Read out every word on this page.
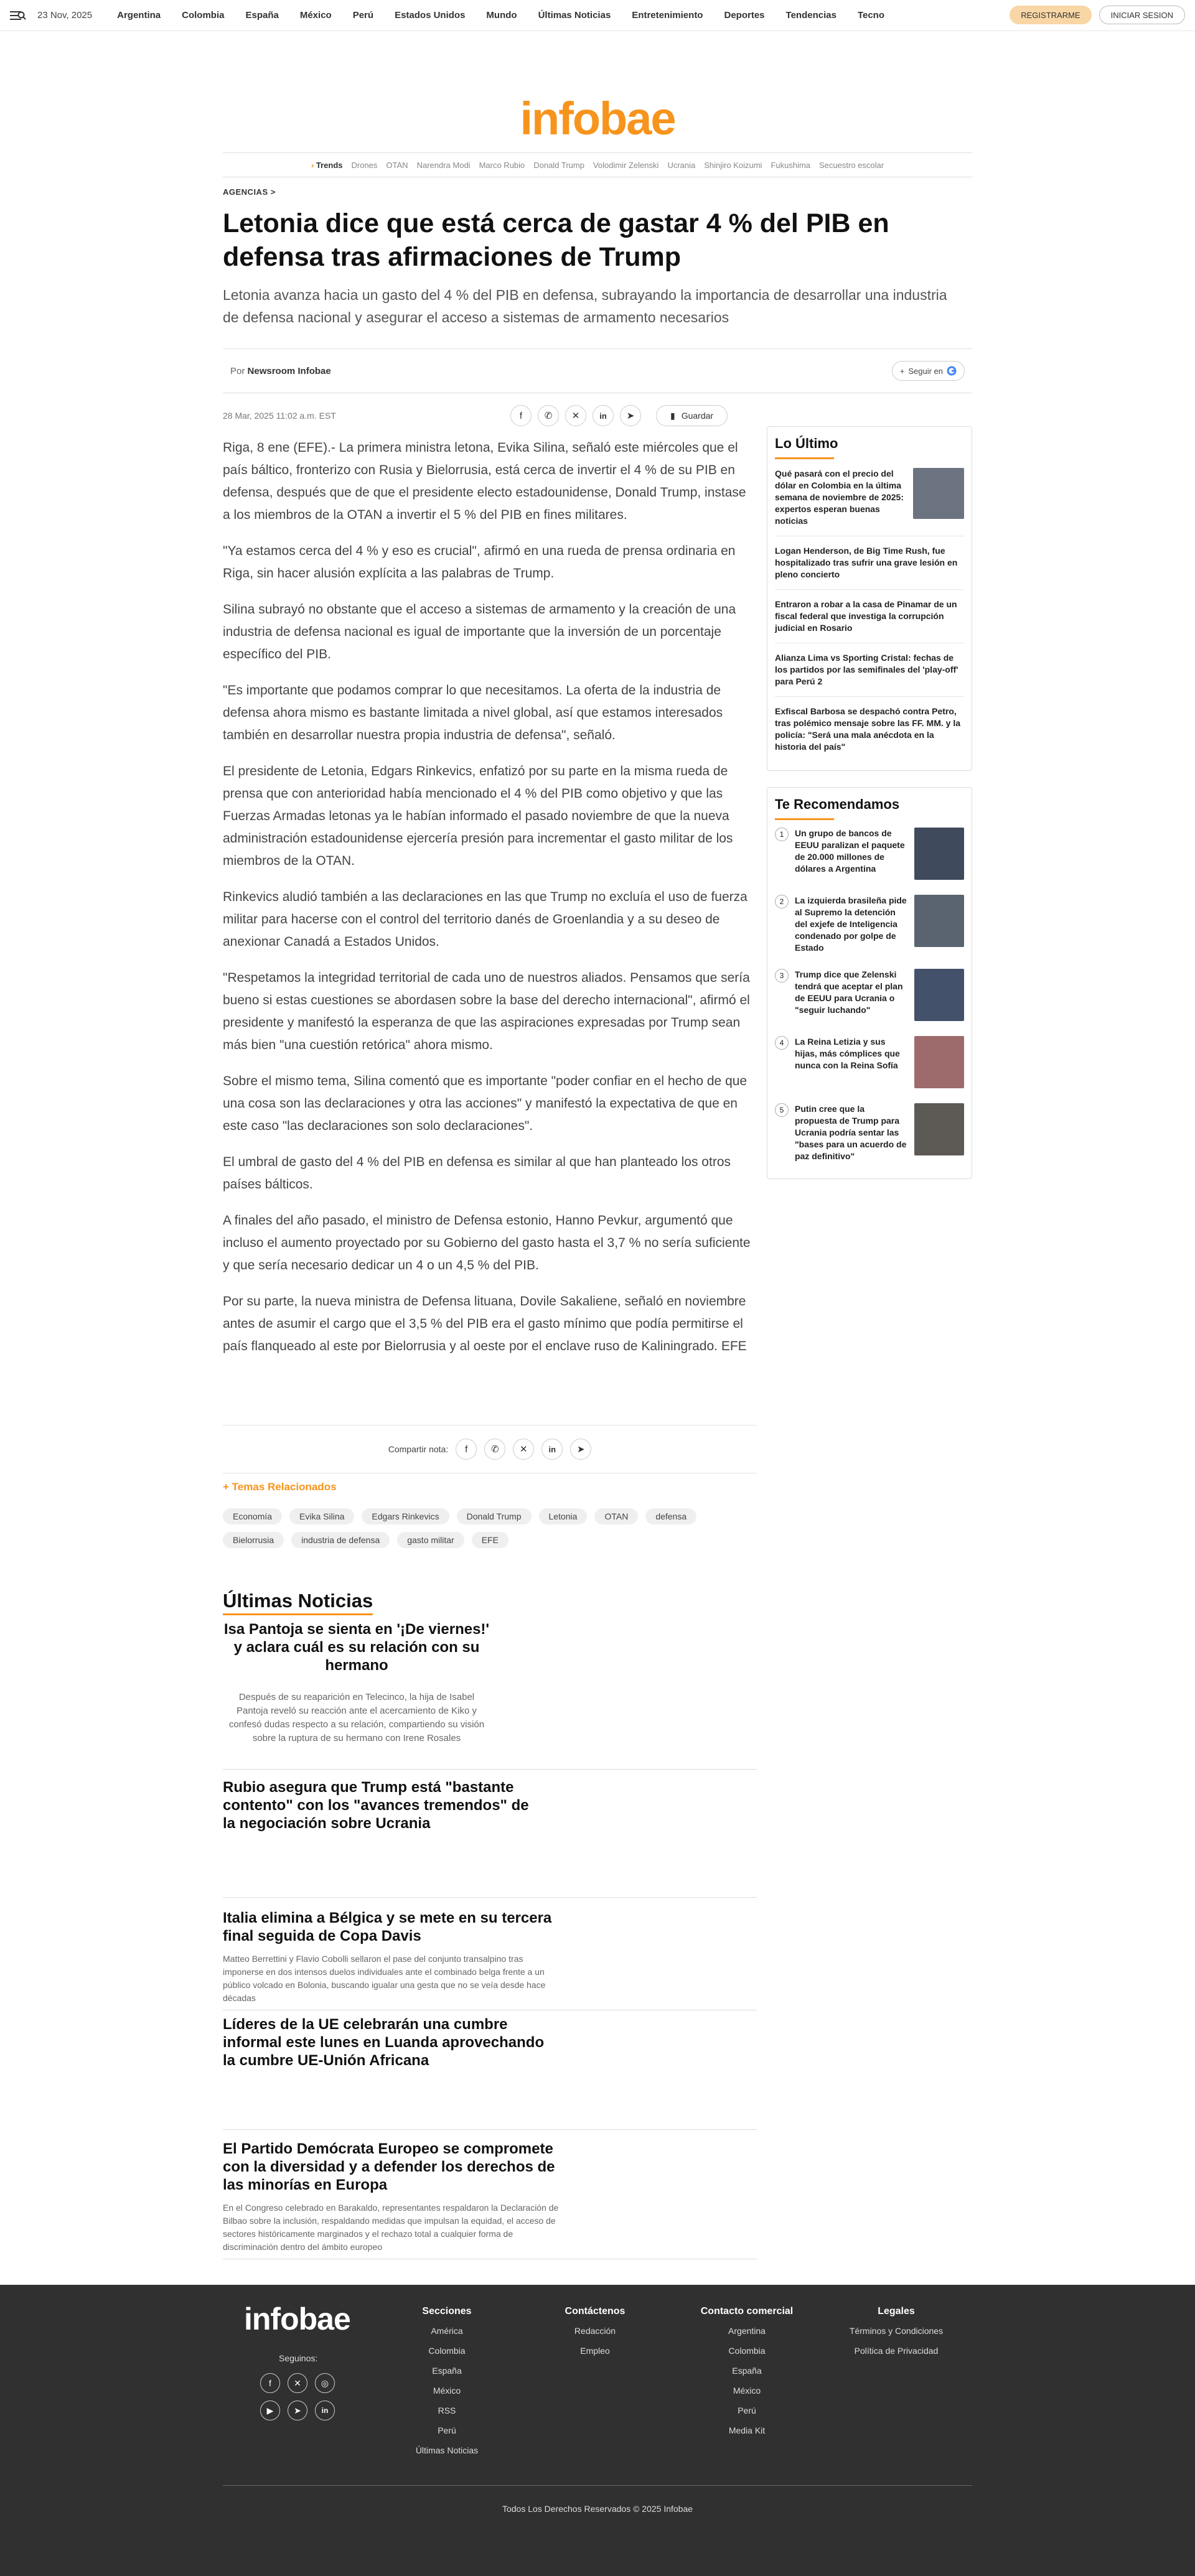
23 Nov, 2025	Argentina Colombia España México Perú Estados Unidos Mundo Últimas Noticias Entretenimiento Deportes Tendencias Tecno	REGISTRARME	INICIAR SESION
infobae
› Trends Drones OTAN Narendra Modi Marco Rubio Donald Trump Volodimir Zelenski Ucrania Shinjiro Koizumi Fukushima Secuestro escolar
AGENCIAS >
Letonia dice que está cerca de gastar 4 % del PIB en defensa tras afirmaciones de Trump

Letonia avanza hacia un gasto del 4 % del PIB en defensa, subrayando la importancia de desarrollar una industria de defensa nacional y asegurar el acceso a sistemas de armamento necesarios

Por Newsroom Infobae	+ Seguir en
28 Mar, 2025 11:02 a.m. EST	f	✆	✕	in	➤	▮ Guardar

Riga, 8 ene (EFE).- La primera ministra letona, Evika Silina, señaló este miércoles que el país báltico, fronterizo con Rusia y Bielorrusia, está cerca de invertir el 4 % de su PIB en defensa, después que de que el presidente electo estadounidense, Donald Trump, instase a los miembros de la OTAN a invertir el 5 % del PIB en fines militares.

"Ya estamos cerca del 4 % y eso es crucial", afirmó en una rueda de prensa ordinaria en Riga, sin hacer alusión explícita a las palabras de Trump.

Silina subrayó no obstante que el acceso a sistemas de armamento y la creación de una industria de defensa nacional es igual de importante que la inversión de un porcentaje específico del PIB.

"Es importante que podamos comprar lo que necesitamos. La oferta de la industria de defensa ahora mismo es bastante limitada a nivel global, así que estamos interesados también en desarrollar nuestra propia industria de defensa", señaló.

El presidente de Letonia, Edgars Rinkevics, enfatizó por su parte en la misma rueda de prensa que con anterioridad había mencionado el 4 % del PIB como objetivo y que las Fuerzas Armadas letonas ya le habían informado el pasado noviembre de que la nueva administración estadounidense ejercería presión para incrementar el gasto militar de los miembros de la OTAN.

Rinkevics aludió también a las declaraciones en las que Trump no excluía el uso de fuerza militar para hacerse con el control del territorio danés de Groenlandia y a su deseo de anexionar Canadá a Estados Unidos.

"Respetamos la integridad territorial de cada uno de nuestros aliados. Pensamos que sería bueno si estas cuestiones se abordasen sobre la base del derecho internacional", afirmó el presidente y manifestó la esperanza de que las aspiraciones expresadas por Trump sean más bien "una cuestión retórica" ahora mismo.

Sobre el mismo tema, Silina comentó que es importante "poder confiar en el hecho de que una cosa son las declaraciones y otra las acciones" y manifestó la expectativa de que en este caso "las declaraciones son solo declaraciones".

El umbral de gasto del 4 % del PIB en defensa es similar al que han planteado los otros países bálticos.

A finales del año pasado, el ministro de Defensa estonio, Hanno Pevkur, argumentó que incluso el aumento proyectado por su Gobierno del gasto hasta el 3,7 % no sería suficiente y que sería necesario dedicar un 4 o un 4,5 % del PIB.

Por su parte, la nueva ministra de Defensa lituana, Dovile Sakaliene, señaló en noviembre antes de asumir el cargo que el 3,5 % del PIB era el gasto mínimo que podía permitirse el país flanqueado al este por Bielorrusia y al oeste por el enclave ruso de Kaliningrado. EFE

Lo Último
Qué pasará con el precio del dólar en Colombia en la última semana de noviembre de 2025: expertos esperan buenas noticias
Logan Henderson, de Big Time Rush, fue hospitalizado tras sufrir una grave lesión en pleno concierto
Entraron a robar a la casa de Pinamar de un fiscal federal que investiga la corrupción judicial en Rosario
Alianza Lima vs Sporting Cristal: fechas de los partidos por las semifinales del 'play-off' para Perú 2
Exfiscal Barbosa se despachó contra Petro, tras polémico mensaje sobre las FF. MM. y la policía: "Será una mala anécdota en la historia del país"
Te Recomendamos
1	Un grupo de bancos de EEUU paralizan el paquete de 20.000 millones de dólares a Argentina
2	La izquierda brasileña pide al Supremo la detención del exjefe de Inteligencia condenado por golpe de Estado
3	Trump dice que Zelenski tendrá que aceptar el plan de EEUU para Ucrania o "seguir luchando"
4	La Reina Letizia y sus hijas, más cómplices que nunca con la Reina Sofía
5	Putin cree que la propuesta de Trump para Ucrania podría sentar las "bases para un acuerdo de paz definitivo"
Compartir nota:	f	✆	✕	in	➤
+ Temas Relacionados
Economía	Evika Silina	Edgars Rinkevics	Donald Trump	Letonia	OTAN	defensa
Bielorrusia	industria de defensa	gasto militar	EFE
Últimas Noticias
Isa Pantoja se sienta en '¡De viernes!' y aclara cuál es su relación con su hermano

Después de su reaparición en Telecinco, la hija de Isabel Pantoja reveló su reacción ante el acercamiento de Kiko y confesó dudas respecto a su relación, compartiendo su visión sobre la ruptura de su hermano con Irene Rosales

Rubio asegura que Trump está "bastante contento" con los "avances tremendos" de la negociación sobre Ucrania
Italia elimina a Bélgica y se mete en su tercera final seguida de Copa Davis

Matteo Berrettini y Flavio Cobolli sellaron el pase del conjunto transalpino tras imponerse en dos intensos duelos individuales ante el combinado belga frente a un público volcado en Bolonia, buscando igualar una gesta que no se veía desde hace décadas

Líderes de la UE celebrarán una cumbre informal este lunes en Luanda aprovechando la cumbre UE-Unión Africana
El Partido Demócrata Europeo se compromete con la diversidad y a defender los derechos de las minorías en Europa

En el Congreso celebrado en Barakaldo, representantes respaldaron la Declaración de Bilbao sobre la inclusión, respaldando medidas que impulsan la equidad, el acceso de sectores históricamente marginados y el rechazo total a cualquier forma de discriminación dentro del ámbito europeo

infobae
Seguinos:
f	✕	◎
▶	➤	in
Secciones
América
Colombia
España
México
RSS
Perú
Últimas Noticias
Contáctenos
Redacción
Empleo
Contacto comercial
Argentina
Colombia
España
México
Perú
Media Kit
Legales
Términos y Condiciones
Política de Privacidad
Todos Los Derechos Reservados © 2025 Infobae
